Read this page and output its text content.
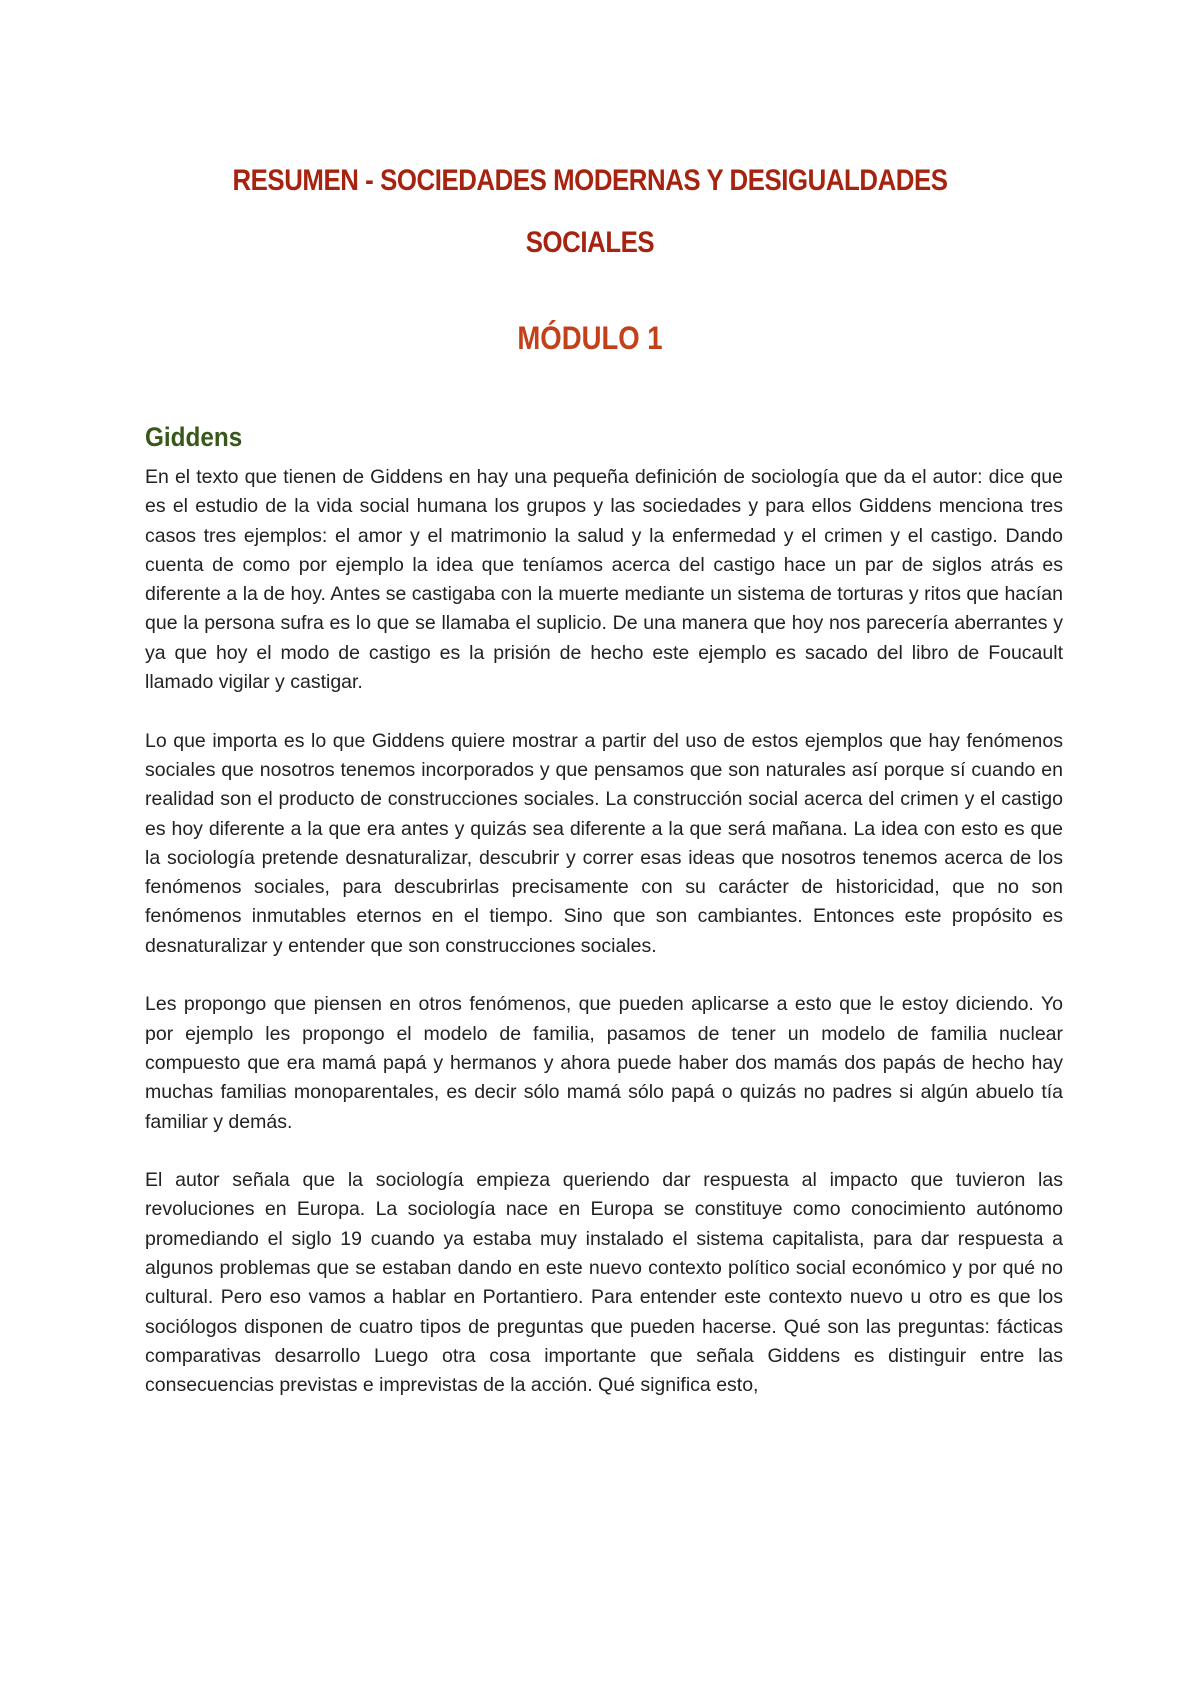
RESUMEN - SOCIEDADES MODERNAS Y DESIGUALDADES
SOCIALES
MÓDULO 1
Giddens

En el texto que tienen de Giddens en hay una pequeña definición de sociología que da el autor: dice que es el estudio de la vida social humana los grupos y las sociedades y para ellos Giddens menciona tres casos tres ejemplos: el amor y el matrimonio la salud y la enfermedad y el crimen y el castigo. Dando cuenta de como por ejemplo la idea que teníamos acerca del castigo hace un par de siglos atrás es diferente a la de hoy. Antes se castigaba con la muerte mediante un sistema de torturas y ritos que hacían que la persona sufra es lo que se llamaba el suplicio. De una manera que hoy nos parecería aberrantes y ya que hoy el modo de castigo es la prisión de hecho este ejemplo es sacado del libro de Foucault llamado vigilar y castigar.

Lo que importa es lo que Giddens quiere mostrar a partir del uso de estos ejemplos que hay fenómenos sociales que nosotros tenemos incorporados y que pensamos que son naturales así porque sí cuando en realidad son el producto de construcciones sociales. La construcción social acerca del crimen y el castigo es hoy diferente a la que era antes y quizás sea diferente a la que será mañana. La idea con esto es que la sociología pretende desnaturalizar, descubrir y correr esas ideas que nosotros tenemos acerca de los fenómenos sociales, para descubrirlas precisamente con su carácter de historicidad, que no son fenómenos inmutables eternos en el tiempo. Sino que son cambiantes. Entonces este propósito es desnaturalizar y entender que son construcciones sociales.

Les propongo que piensen en otros fenómenos, que pueden aplicarse a esto que le estoy diciendo. Yo por ejemplo les propongo el modelo de familia, pasamos de tener un modelo de familia nuclear compuesto que era mamá papá y hermanos y ahora puede haber dos mamás dos papás de hecho hay muchas familias monoparentales, es decir sólo mamá sólo papá o quizás no padres si algún abuelo tía familiar y demás.

El autor señala que la sociología empieza queriendo dar respuesta al impacto que tuvieron las revoluciones en Europa. La sociología nace en Europa se constituye como conocimiento autónomo promediando el siglo 19 cuando ya estaba muy instalado el sistema capitalista, para dar respuesta a algunos problemas que se estaban dando en este nuevo contexto político social económico y por qué no cultural. Pero eso vamos a hablar en Portantiero. Para entender este contexto nuevo u otro es que los sociólogos disponen de cuatro tipos de preguntas que pueden hacerse. Qué son las preguntas: fácticas comparativas desarrollo Luego otra cosa importante que señala Giddens es distinguir entre las consecuencias previstas e imprevistas de la acción. Qué significa esto,
